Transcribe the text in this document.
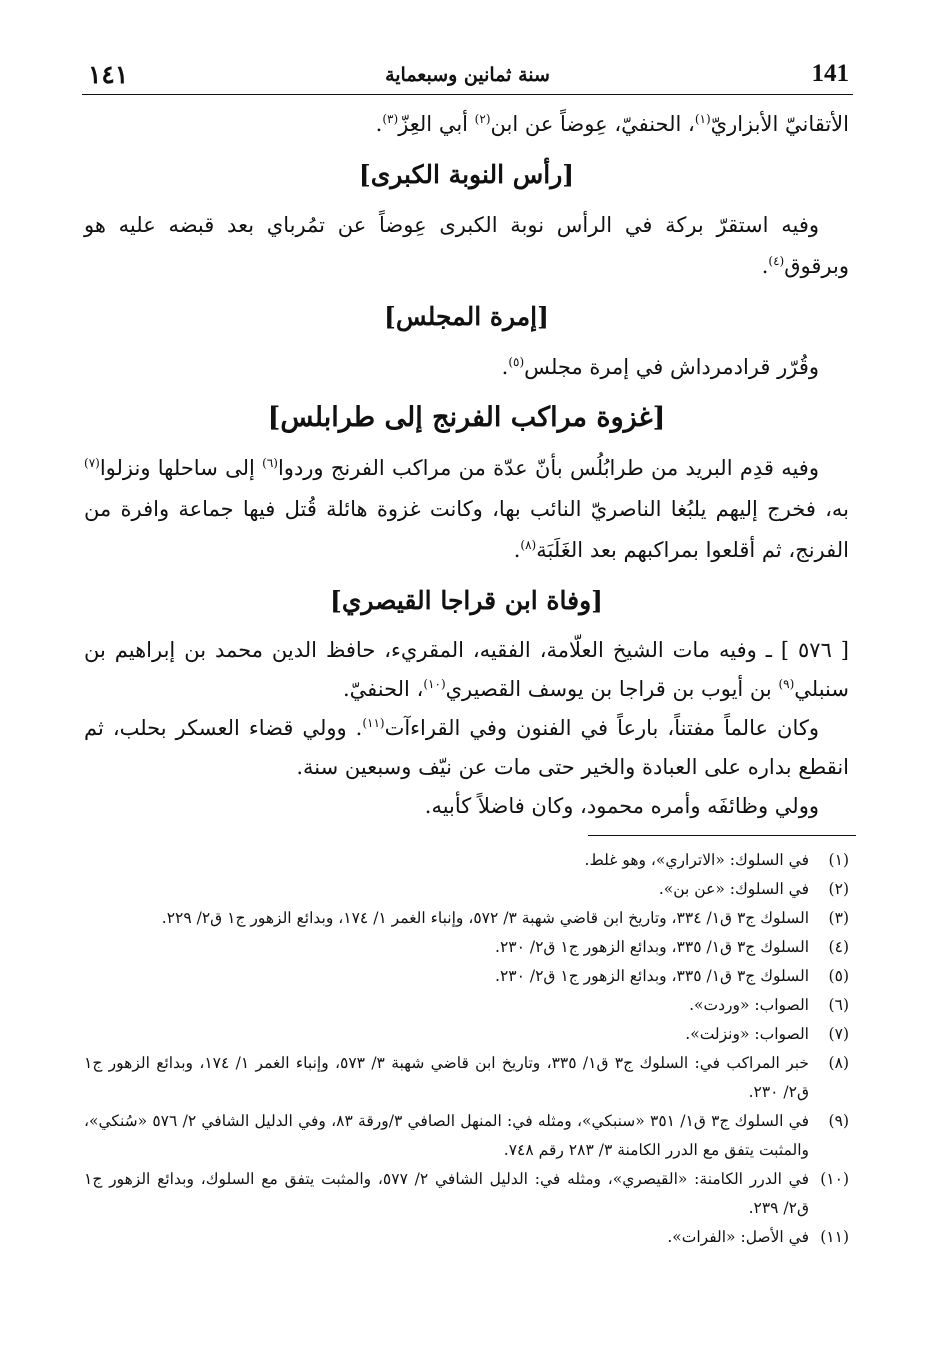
١٤١	سنة ثمانين وسبعماية	141

الأتقانيّ الأبزاريّ$^{(١)}$، الحنفيّ، عِوضاً عن ابن$^{(٢)}$ أبي العِزّ$^{(٣)}$.

[رأس النوبة الكبرى]

وفيه استقرّ بركة في الرأس نوبة الكبرى عِوضاً عن تمُرباي بعد قبضه عليه هو وبرقوق$^{(٤)}$.

[إمرة المجلس]

وقُرّر قرادمرداش في إمرة مجلس$^{(٥)}$.

[غزوة مراكب الفرنج إلى طرابلس]

وفيه قدِم البريد من طرابُلُس بأنّ عدّة من مراكب الفرنج وردوا$^{(٦)}$ إلى ساحلها ونزلوا$^{(٧)}$ به، فخرج إليهم يلبُغا الناصريّ النائب بها، وكانت غزوة هائلة قُتل فيها جماعة وافرة من الفرنج، ثم أقلعوا بمراكبهم بعد الغَلَبَة$^{(٨)}$.

[وفاة ابن قراجا القيصري]

[ ٥٧٦ ] ـ وفيه مات الشيخ العلّامة، الفقيه، المقريء، حافظ الدين محمد بن إبراهيم بن سنبلي$^{(٩)}$ بن أيوب بن قراجا بن يوسف القصيري$^{(١٠)}$، الحنفيّ.

وكان عالماً مفتناً، بارعاً في الفنون وفي القراءآت$^{(١١)}$. وولي قضاء العسكر بحلب، ثم انقطع بداره على العبادة والخير حتى مات عن نيّف وسبعين سنة.

وولي وظائفَه وأمره محمود، وكان فاضلاً كأبيه.

(١)
في السلوك: «الاتراري»، وهو غلط.
(٢)
في السلوك: «عن بن».
(٣)
السلوك ج٣ ق١/ ٣٣٤، وتاريخ ابن قاضي شهبة ٣/ ٥٧٢، وإنباء الغمر ١/ ١٧٤، وبدائع الزهور ج١ ق٢/ ٢٢٩.
(٤)
السلوك ج٣ ق١/ ٣٣٥، وبدائع الزهور ج١ ق٢/ ٢٣٠.
(٥)
السلوك ج٣ ق١/ ٣٣٥، وبدائع الزهور ج١ ق٢/ ٢٣٠.
(٦)
الصواب: «وردت».
(٧)
الصواب: «ونزلت».
(٨)
خبر المراكب في: السلوك ج٣ ق١/ ٣٣٥، وتاريخ ابن قاضي شهبة ٣/ ٥٧٣، وإنباء الغمر ١/ ١٧٤، وبدائع الزهور ج١ ق٢/ ٢٣٠.
(٩)
في السلوك ج٣ ق١/ ٣٥١ «سنبكي»، ومثله في: المنهل الصافي ٣/ورقة ٨٣، وفي الدليل الشافي ٢/ ٥٧٦ «سُنكي»، والمثبت يتفق مع الدرر الكامنة ٣/ ٢٨٣ رقم ٧٤٨.
(١٠)
في الدرر الكامنة: «القيصري»، ومثله في: الدليل الشافي ٢/ ٥٧٧، والمثبت يتفق مع السلوك، وبدائع الزهور ج١ ق٢/ ٢٣٩.
(١١)
في الأصل: «الفرات».
